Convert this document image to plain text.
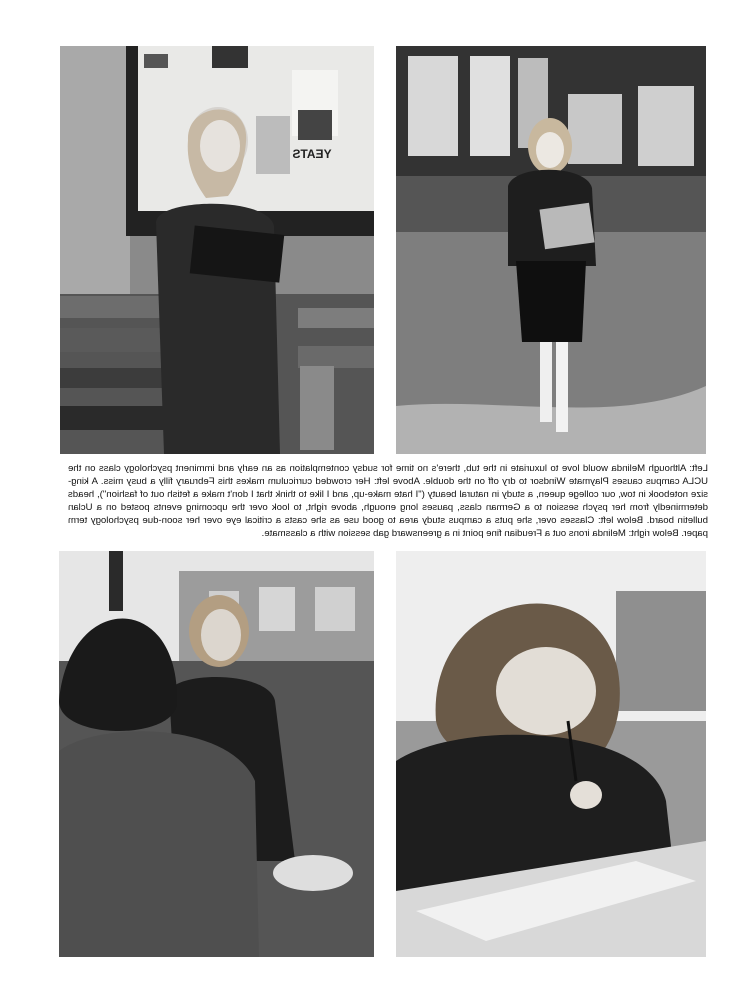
YEATS

Left: Although Melinda would love to luxuriate in the tub, there's no time for sudsy contemplation as an early and imminent psychology class on the UCLA campus causes Playmate Windsor to dry off on the double. Above left: Her crowded curriculum makes this February filly a busy miss. A king-size notebook in tow, our college queen, a study in natural beauty ("I hate make-up, and I like to think that I don't make a fetish out of fashion"), heads determinedly from her psych session to a German class, pauses long enough, above right, to look over the upcoming events posted on a Uclan bulletin board. Below left: Classes over, she puts a campus study area to good use as she casts a critical eye over her soon-due psychology term paper. Below right: Melinda irons out a Freudian fine point in a greensward gab session with a classmate.
